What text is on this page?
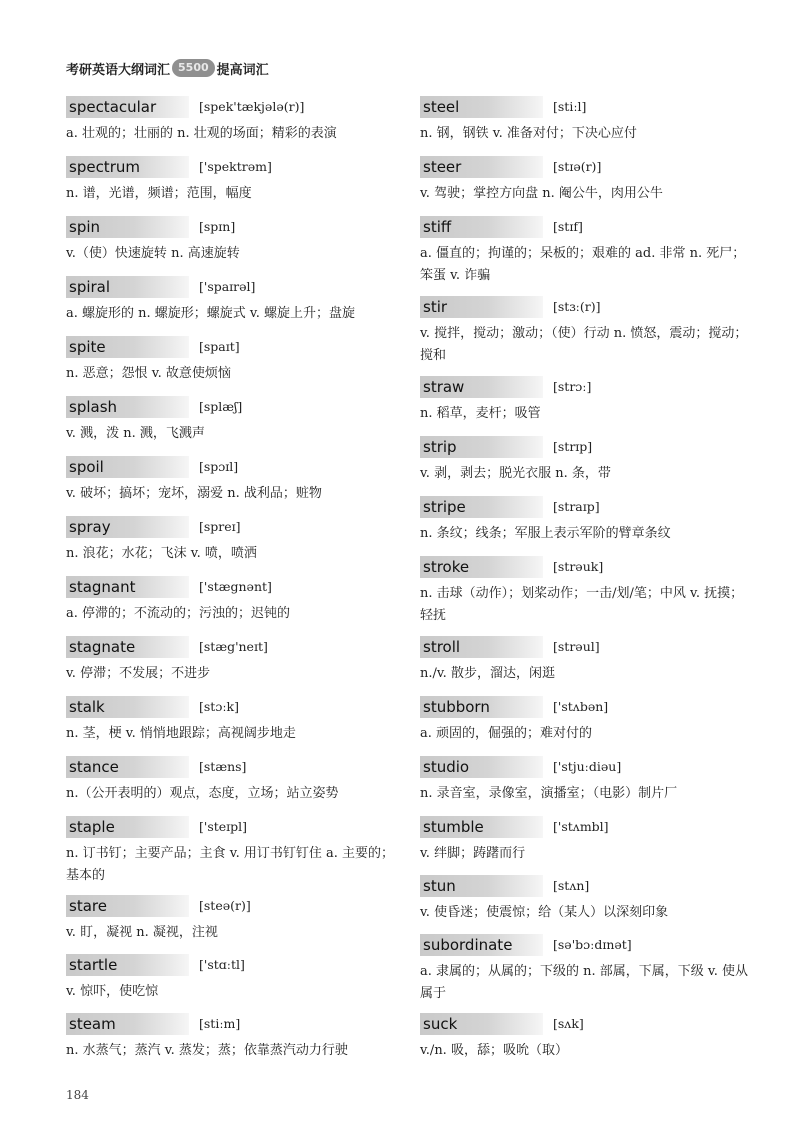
考研英语大纲词汇 5500 提高词汇
spectacular	[spek'tækjələ(r)]
a. 壮观的；壮丽的 n. 壮观的场面；精彩的表演
spectrum	['spektrəm]
n. 谱，光谱，频谱；范围，幅度
spin	[spɪn]
v.（使）快速旋转 n. 高速旋转
spiral	['spaɪrəl]
a. 螺旋形的 n. 螺旋形；螺旋式 v. 螺旋上升；盘旋
spite	[spaɪt]
n. 恶意；怨恨 v. 故意使烦恼
splash	[splæʃ]
v. 溅，泼 n. 溅，飞溅声
spoil	[spɔɪl]
v. 破坏；搞坏；宠坏，溺爱 n. 战利品；赃物
spray	[spreɪ]
n. 浪花；水花；飞沫 v. 喷，喷洒
stagnant	['stægnənt]
a. 停滞的；不流动的；污浊的；迟钝的
stagnate	[stæg'neɪt]
v. 停滞；不发展；不进步
stalk	[stɔːk]
n. 茎，梗 v. 悄悄地跟踪；高视阔步地走
stance	[stæns]
n.（公开表明的）观点，态度，立场；站立姿势
staple	['steɪpl]
n. 订书钉；主要产品；主食 v. 用订书钉钉住 a. 主要的；基本的
stare	[steə(r)]
v. 盯，凝视 n. 凝视，注视
startle	['stɑːtl]
v. 惊吓，使吃惊
steam	[stiːm]
n. 水蒸气；蒸汽 v. 蒸发；蒸；依靠蒸汽动力行驶
steel	[stiːl]
n. 钢，钢铁 v. 准备对付；下决心应付
steer	[stɪə(r)]
v. 驾驶；掌控方向盘 n. 阉公牛，肉用公牛
stiff	[stɪf]
a. 僵直的；拘谨的；呆板的；艰难的 ad. 非常 n. 死尸；笨蛋 v. 诈骗
stir	[stɜː(r)]
v. 搅拌，搅动；激动；（使）行动 n. 愤怒，震动；搅动；搅和
straw	[strɔː]
n. 稻草，麦杆；吸管
strip	[strɪp]
v. 剥，剥去；脱光衣服 n. 条，带
stripe	[straɪp]
n. 条纹；线条；军服上表示军阶的臂章条纹
stroke	[strəuk]
n. 击球（动作）；划桨动作；一击/划/笔；中风 v. 抚摸；轻抚
stroll	[strəul]
n./v. 散步，溜达，闲逛
stubborn	['stʌbən]
a. 顽固的，倔强的；难对付的
studio	['stjuːdiəu]
n. 录音室，录像室，演播室；（电影）制片厂
stumble	['stʌmbl]
v. 绊脚；踌躇而行
stun	[stʌn]
v. 使昏迷；使震惊；给（某人）以深刻印象
subordinate	[sə'bɔːdɪnət]
a. 隶属的；从属的；下级的 n. 部属，下属，下级 v. 使从属于
suck	[sʌk]
v./n. 吸，舔；吸吮（取）
184
